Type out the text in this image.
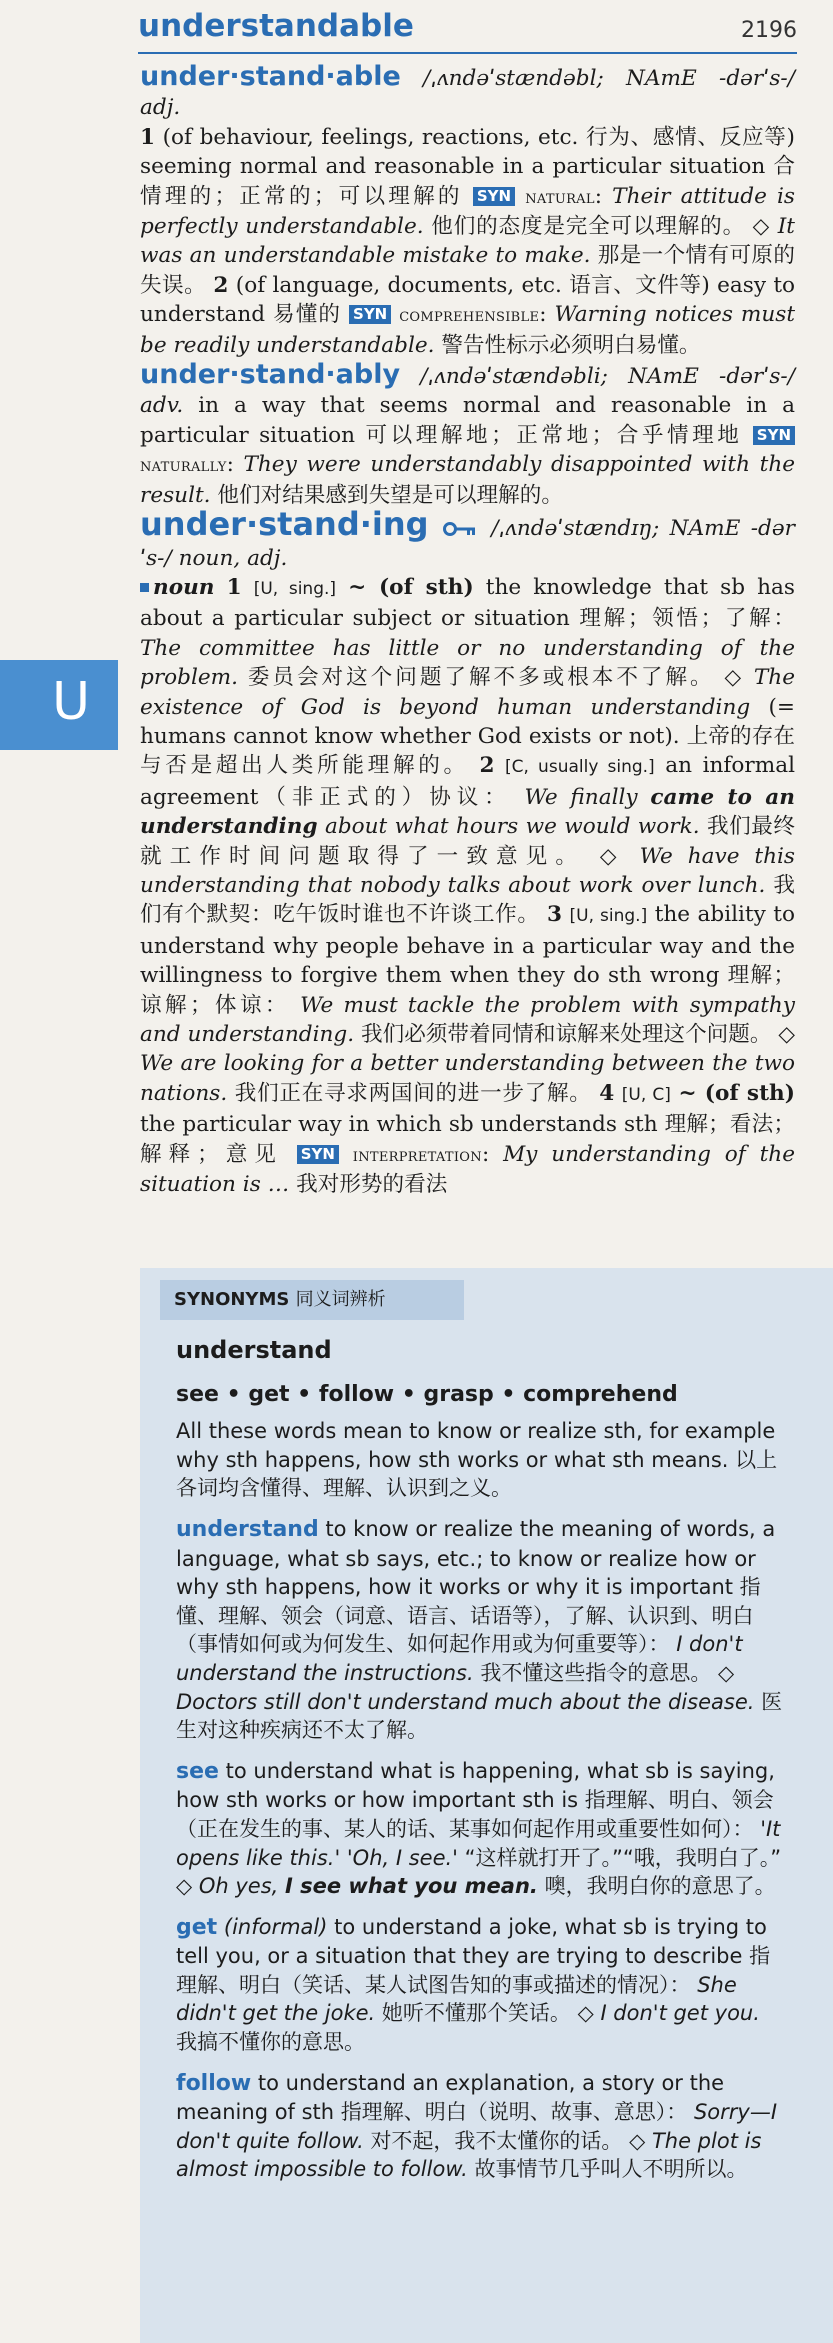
understandable	2196
U

under·stand·able /ˌʌndəˈstændəbl; NAmE -dərˈs-/ adj.
1 (of behaviour, feelings, reactions, etc. 行为、感情、反应等) seeming normal and reasonable in a particular situation 合情理的；正常的；可以理解的 SYN natural: Their attitude is perfectly understandable. 他们的态度是完全可以理解的。 ◇ It was an understandable mistake to make. 那是一个情有可原的失误。 2 (of language, documents, etc. 语言、文件等) easy to understand 易懂的 SYN comprehensible: Warning notices must be readily understandable. 警告性标示必须明白易懂。

under·stand·ably /ˌʌndəˈstændəbli; NAmE -dərˈs-/ adv. in a way that seems normal and reasonable in a particular situation 可以理解地；正常地；合乎情理地 SYN naturally: They were understandably disappointed with the result. 他们对结果感到失望是可以理解的。

under·stand·ing	/ˌʌndəˈstændɪŋ; NAmE -dərˈs-/ noun, adj.
noun 1 [U, sing.] ~ (of sth) the knowledge that sb has about a particular subject or situation 理解；领悟；了解： The committee has little or no understanding of the problem. 委员会对这个问题了解不多或根本不了解。 ◇ The existence of God is beyond human understanding (= humans cannot know whether God exists or not). 上帝的存在与否是超出人类所能理解的。 2 [C, usually sing.] an informal agreement（非正式的）协议： We finally came to an understanding about what hours we would work. 我们最终就工作时间问题取得了一致意见。 ◇ We have this understanding that nobody talks about work over lunch. 我们有个默契：吃午饭时谁也不许谈工作。 3 [U, sing.] the ability to understand why people behave in a particular way and the willingness to forgive them when they do sth wrong 理解；谅解；体谅： We must tackle the problem with sympathy and understanding. 我们必须带着同情和谅解来处理这个问题。 ◇ We are looking for a better understanding between the two nations. 我们正在寻求两国间的进一步了解。 4 [U, C] ~ (of sth) the particular way in which sb understands sth 理解；看法；解释；意见 SYN interpretation: My understanding of the situation is … 我对形势的看法

SYNONYMS 同义词辨析
understand
see • get • follow • grasp • comprehend
All these words mean to know or realize sth, for example why sth happens, how sth works or what sth means. 以上各词均含懂得、理解、认识到之义。
understand to know or realize the meaning of words, a language, what sb says, etc.; to know or realize how or why sth happens, how it works or why it is important 指懂、理解、领会（词意、语言、话语等），了解、认识到、明白（事情如何或为何发生、如何起作用或为何重要等）： I don't understand the instructions. 我不懂这些指令的意思。 ◇ Doctors still don't understand much about the disease. 医生对这种疾病还不太了解。
see to understand what is happening, what sb is saying, how sth works or how important sth is 指理解、明白、领会（正在发生的事、某人的话、某事如何起作用或重要性如何）： 'It opens like this.' 'Oh, I see.' “这样就打开了。”“哦，我明白了。” ◇ Oh yes, I see what you mean. 噢，我明白你的意思了。
get (informal) to understand a joke, what sb is trying to tell you, or a situation that they are trying to describe 指理解、明白（笑话、某人试图告知的事或描述的情况）： She didn't get the joke. 她听不懂那个笑话。 ◇ I don't get you. 我搞不懂你的意思。
follow to understand an explanation, a story or the meaning of sth 指理解、明白（说明、故事、意思）： Sorry—I don't quite follow. 对不起，我不太懂你的话。 ◇ The plot is almost impossible to follow. 故事情节几乎叫人不明所以。
